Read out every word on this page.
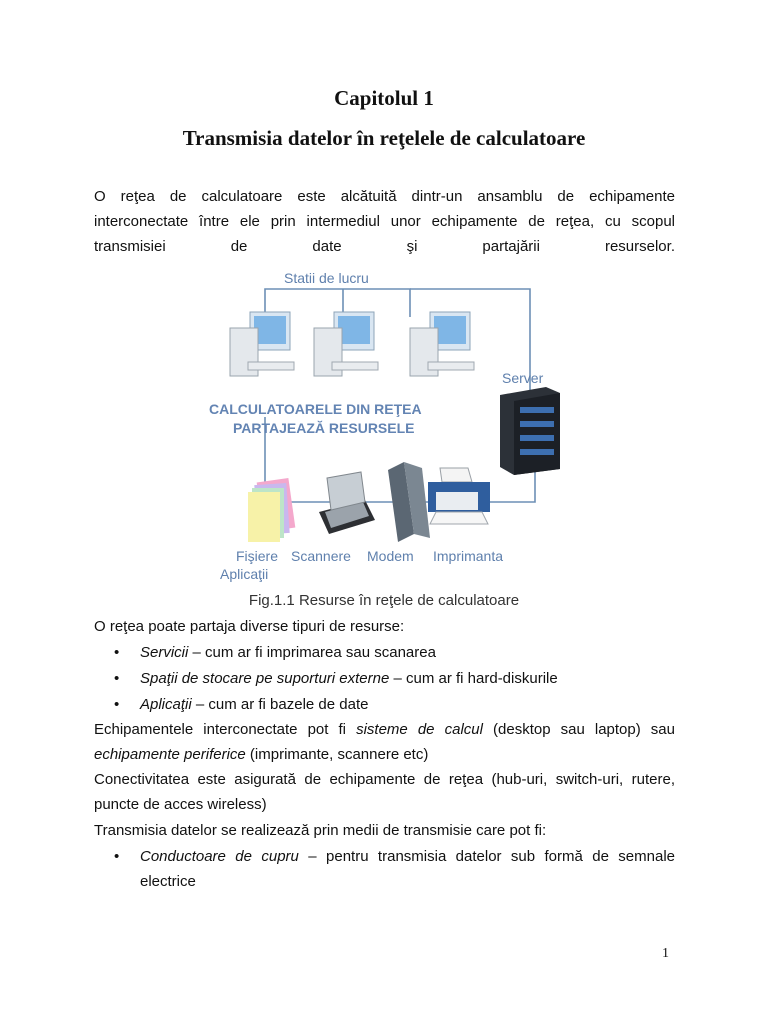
Capitolul 1
Transmisia datelor în reţelele de calculatoare
O reţea de calculatoare este alcătuită dintr-un ansamblu de echipamente interconectate între ele prin intermediul unor echipamente de reţea, cu scopul transmisiei de date şi partajării resurselor.
Statii de lucru
Server
CALCULATOARELE DIN REŢEA
PARTAJEAZĂ RESURSELE
Fişiere Scannere Modem Imprimanta
Aplicaţii
Fig.1.1 Resurse în reţele de calculatoare
O reţea poate partaja diverse tipuri de resurse:
• Servicii – cum ar fi imprimarea sau scanarea
• Spaţii de stocare pe suporturi externe – cum ar fi hard-diskurile
• Aplicaţii – cum ar fi bazele de date
Echipamentele interconectate pot fi sisteme de calcul (desktop sau laptop) sau echipamente periferice (imprimante, scannere etc)
Conectivitatea este asigurată de echipamente de reţea (hub-uri, switch-uri, rutere, puncte de acces wireless)
Transmisia datelor se realizează prin medii de transmisie care pot fi:
• Conductoare de cupru – pentru transmisia datelor sub formă de semnale electrice
1
